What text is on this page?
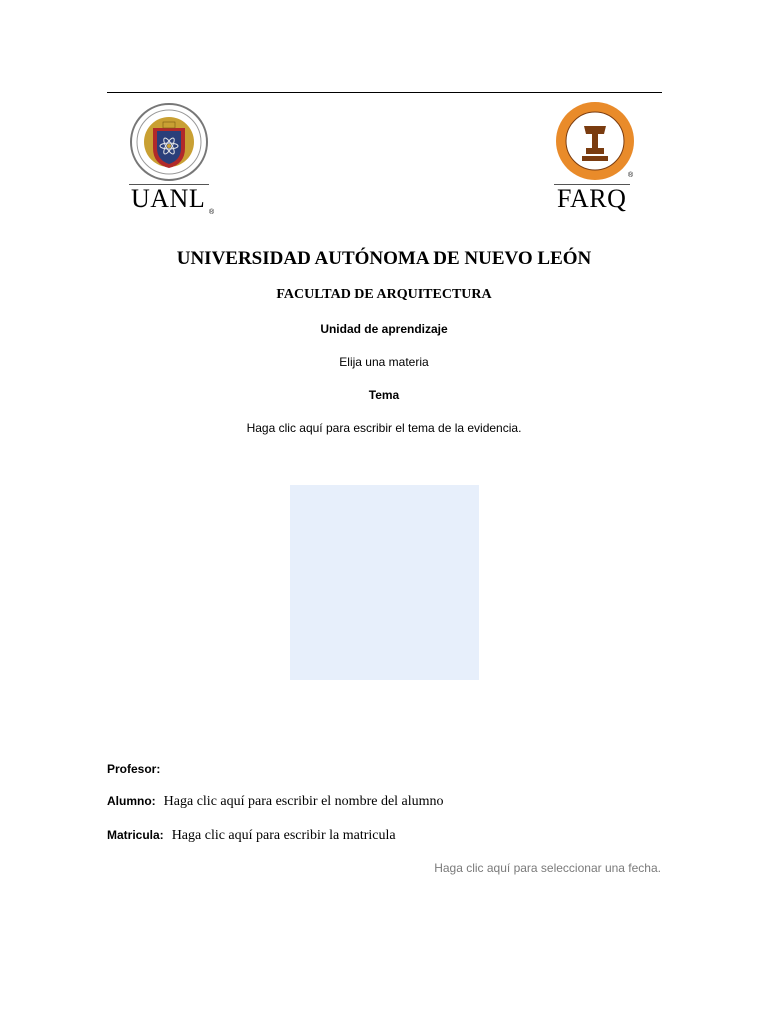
UANL ®	FARQ
®
UNIVERSIDAD AUTÓNOMA DE NUEVO LEÓN
FACULTAD DE ARQUITECTURA
Unidad de aprendizaje
Elija una materia
Tema
Haga clic aquí para escribir el tema de la evidencia.
Profesor:
Alumno: Haga clic aquí para escribir el nombre del alumno
Matricula: Haga clic aquí para escribir la matricula
Haga clic aquí para seleccionar una fecha.
